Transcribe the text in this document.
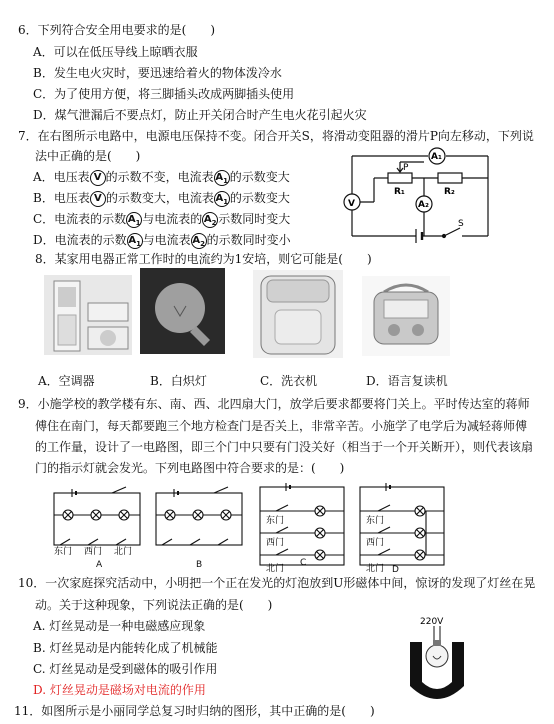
6．下列符合安全用电要求的是(　　)
A．可以在低压导线上晾晒衣服
B．发生电火灾时，要迅速给着火的物体泼冷水
C．为了使用方便，将三脚插头改成两脚插头使用
D．煤气泄漏后不要点灯，防止开关闭合时产生电火花引起火灾
7．在右图所示电路中，电源电压保持不变。闭合开关S，将滑动变阻器的滑片P向左移动，下列说
法中正确的是(　　)
A．电压表 V 的示数不变，电流表 $A_1$ 的示数变大
B．电压表 V 的示数变大，电流表 $A_1$ 的示数变大
C．电流表的示数 $A_1$ 与电流表的 $A_2$ 示数同时变大
D．电流表的示数 $A_1$ 与电流表 $A_2$ 的示数同时变小
A₁
A₂
V
P
R₁	R₂
S
8．某家用电器正常工作时的电流约为1安培，则它可能是(　　)
A．空调器	B．白炽灯	C．洗衣机	D．语言复读机
9．小施学校的教学楼有东、南、西、北四扇大门，放学后要求都要将门关上。平时传达室的蒋师
傅住在南门，每天都要跑三个地方检查门是否关上，非常辛苦。小施学了电学后为减轻蒋师傅
的工作量，设计了一电路图，即三个门中只要有门没关好（相当于一个开关断开），则代表该扇
门的指示灯就会发光。下列电路图中符合要求的是：(　　)
东门 西门 北门
A	B
东门
西门
北门
C
东门
西门
北门 D
10．一次家庭探究活动中，小明把一个正在发光的灯泡放到U形磁体中间，惊讶的发现了灯丝在晃
动。关于这种现象，下列说法正确的是(　　)
A. 灯丝晃动是一种电磁感应现象
B. 灯丝晃动是内能转化成了机械能
C. 灯丝晃动是受到磁体的吸引作用
D. 灯丝晃动是磁场对电流的作用
220V
11．如图所示是小丽同学总复习时归纳的图形，其中正确的是(　　)
